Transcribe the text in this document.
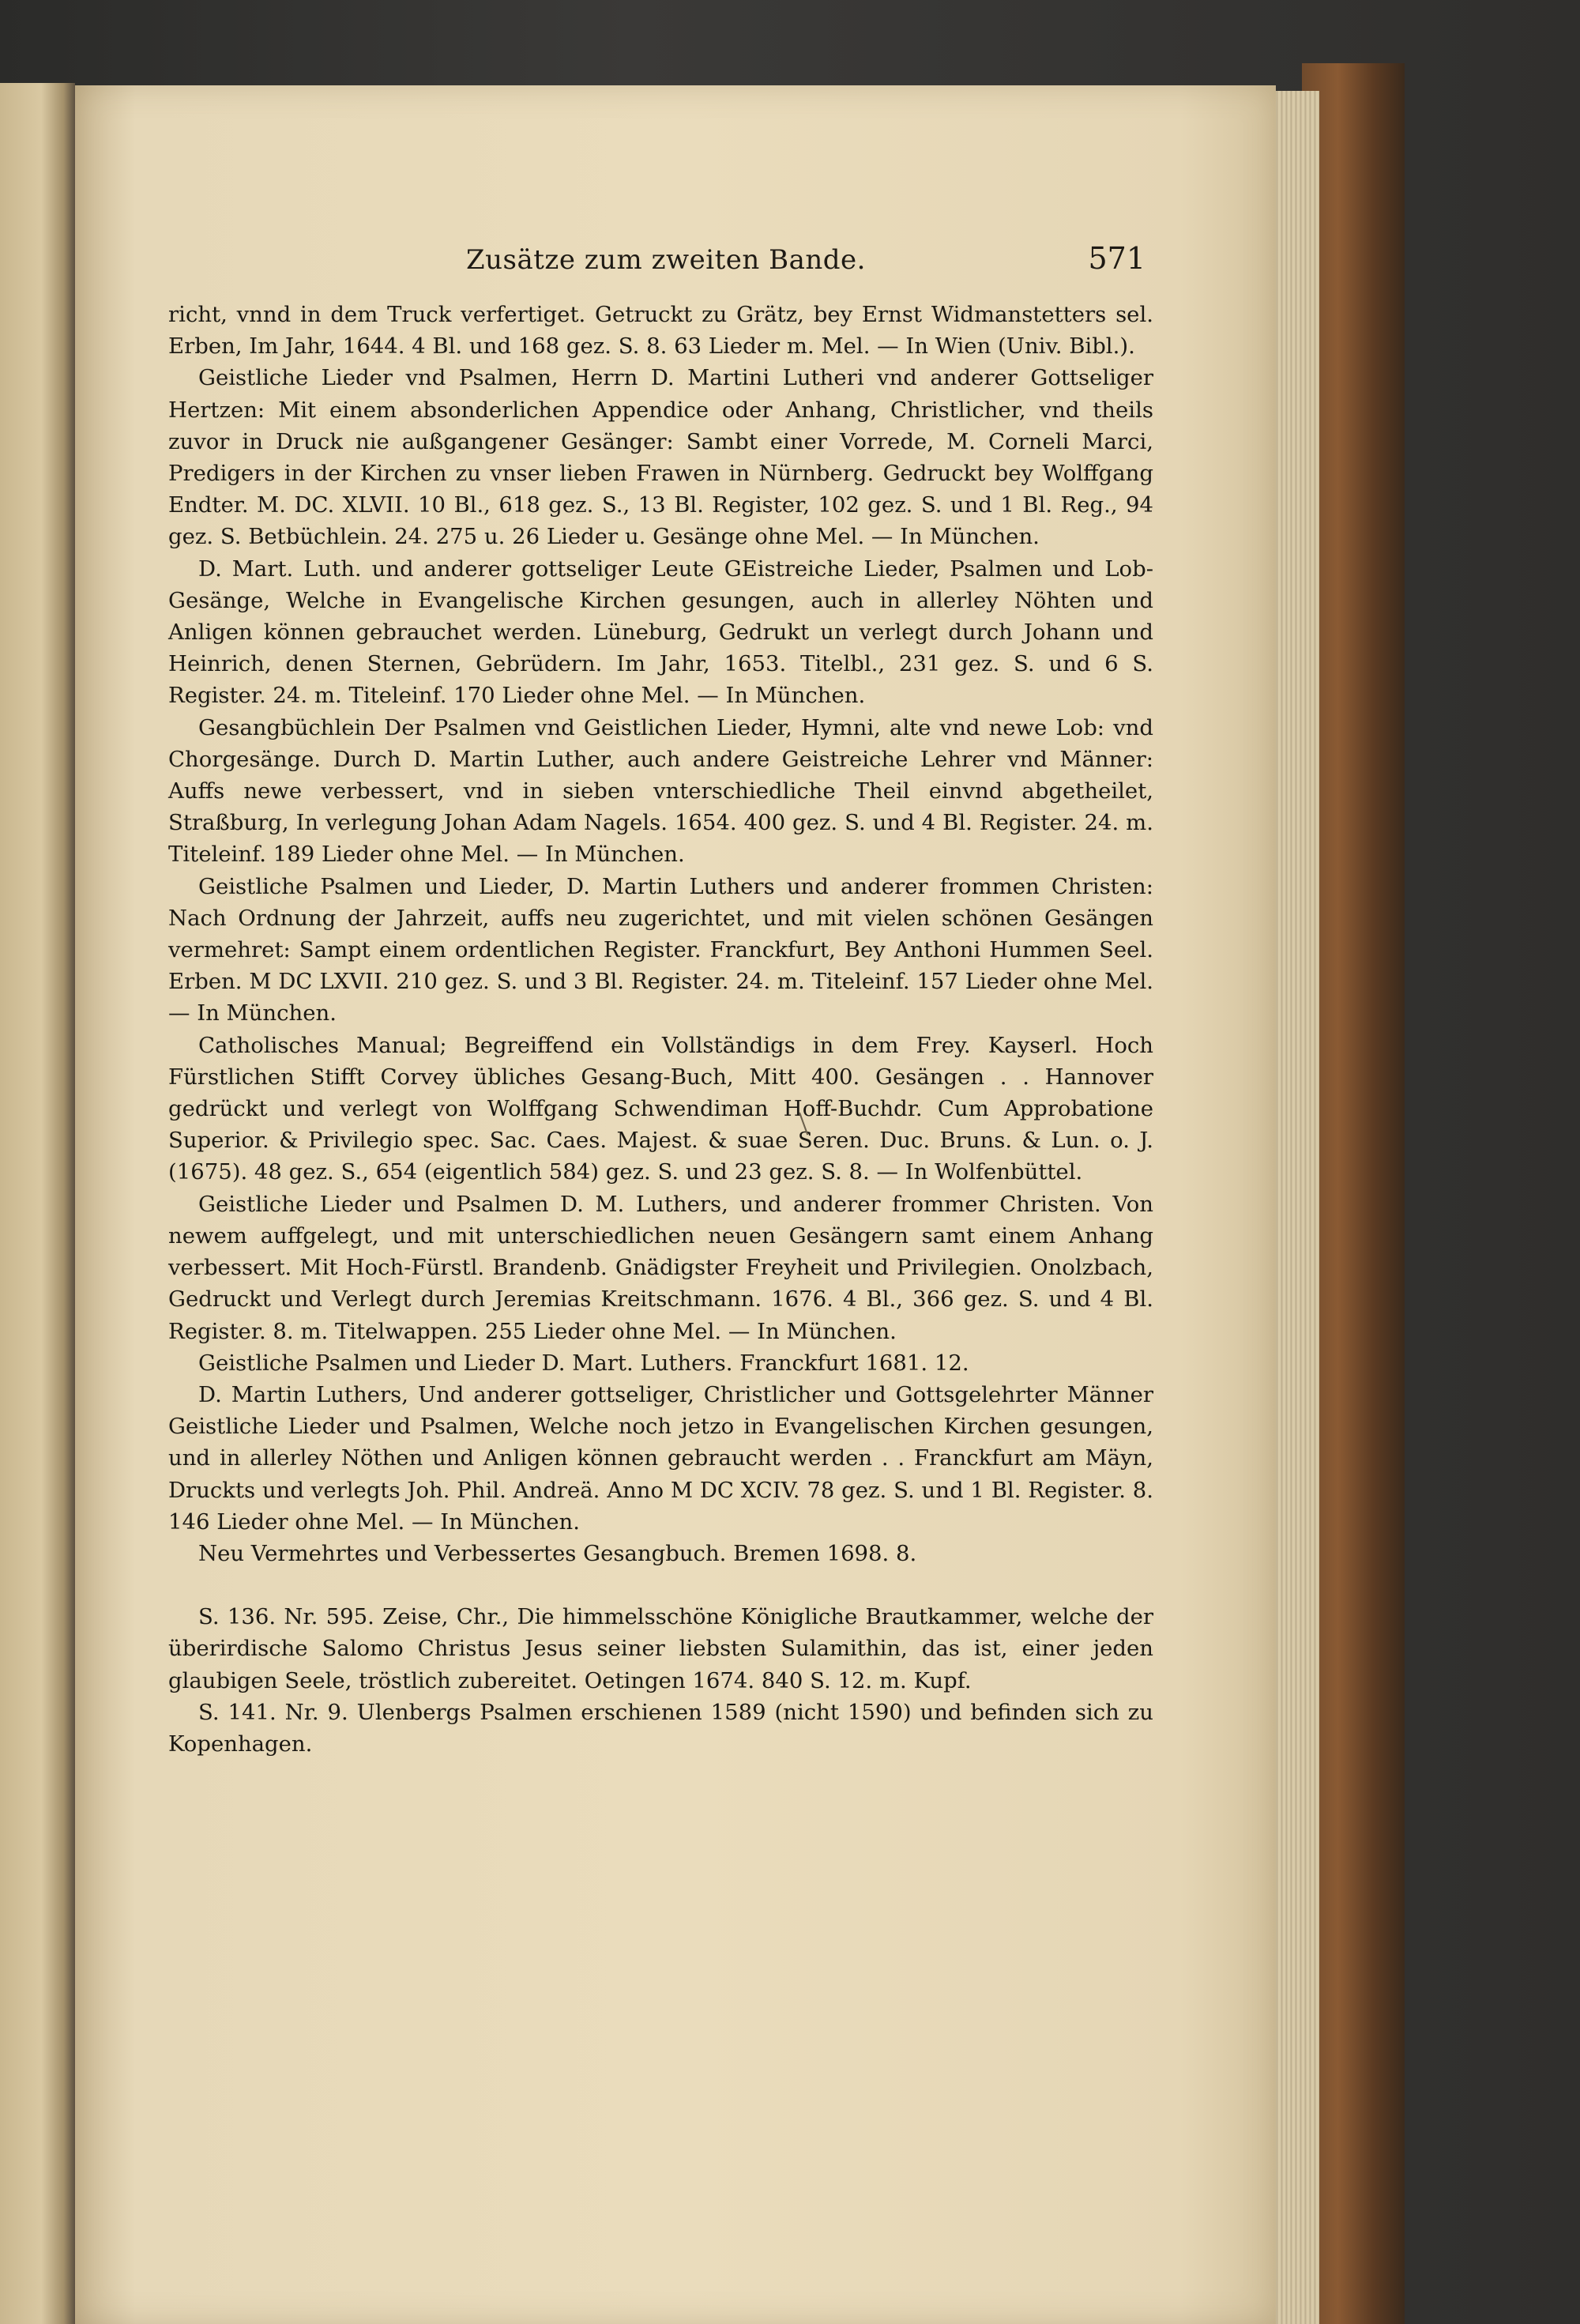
Zusätze zum zweiten Bande.	571

richt, vnnd in dem Truck verfertiget. Getruckt zu Grätz, bey Ernst Widmanstetters sel. Erben, Im Jahr, 1644. 4 Bl. und 168 gez. S. 8. 63 Lieder m. Mel. — In Wien (Univ. Bibl.).

Geistliche Lieder vnd Psalmen, Herrn D. Martini Lutheri vnd anderer Gottseliger Hertzen: Mit einem absonderlichen Appendice oder Anhang, Christlicher, vnd theils zuvor in Druck nie außgangener Gesänger: Sambt einer Vorrede, M. Corneli Marci, Predigers in der Kirchen zu vnser lieben Frawen in Nürnberg. Gedruckt bey Wolffgang Endter. M. DC. XLVII. 10 Bl., 618 gez. S., 13 Bl. Register, 102 gez. S. und 1 Bl. Reg., 94 gez. S. Betbüchlein. 24. 275 u. 26 Lieder u. Gesänge ohne Mel. — In München.

D. Mart. Luth. und anderer gottseliger Leute GEistreiche Lieder, Psalmen und Lob-Gesänge, Welche in Evangelische Kirchen gesungen, auch in allerley Nöhten und Anligen können gebrauchet werden. Lüneburg, Gedrukt un verlegt durch Johann und Heinrich, denen Sternen, Gebrüdern. Im Jahr, 1653. Titelbl., 231 gez. S. und 6 S. Register. 24. m. Titeleinf. 170 Lieder ohne Mel. — In München.

Gesangbüchlein Der Psalmen vnd Geistlichen Lieder, Hymni, alte vnd newe Lob: vnd Chorgesänge. Durch D. Martin Luther, auch andere Geistreiche Lehrer vnd Männer: Auffs newe verbessert, vnd in sieben vnterschiedliche Theil einvnd abgetheilet, Straßburg, In verlegung Johan Adam Nagels. 1654. 400 gez. S. und 4 Bl. Register. 24. m. Titeleinf. 189 Lieder ohne Mel. — In München.

Geistliche Psalmen und Lieder, D. Martin Luthers und anderer frommen Christen: Nach Ordnung der Jahrzeit, auffs neu zugerichtet, und mit vielen schönen Gesängen vermehret: Sampt einem ordentlichen Register. Franckfurt, Bey Anthoni Hummen Seel. Erben. M DC LXVII. 210 gez. S. und 3 Bl. Register. 24. m. Titeleinf. 157 Lieder ohne Mel. — In München.

Catholisches Manual; Begreiffend ein Vollständigs in dem Frey. Kayserl. Hoch Fürstlichen Stifft Corvey übliches Gesang-Buch, Mitt 400. Gesängen . . Hannover gedrückt und verlegt von Wolffgang Schwendiman Hoff-Buchdr. Cum Approbatione Superior. & Privilegio spec. Sac. Caes. Majest. & suae Seren. Duc. Bruns. & Lun. o. J. (1675). 48 gez. S., 654 (eigentlich 584) gez. S. und 23 gez. S. 8. — In Wolfenbüttel.

Geistliche Lieder und Psalmen D. M. Luthers, und anderer frommer Christen. Von newem auffgelegt, und mit unterschiedlichen neuen Gesängern samt einem Anhang verbessert. Mit Hoch-Fürstl. Brandenb. Gnädigster Freyheit und Privilegien. Onolzbach, Gedruckt und Verlegt durch Jeremias Kreitschmann. 1676. 4 Bl., 366 gez. S. und 4 Bl. Register. 8. m. Titelwappen. 255 Lieder ohne Mel. — In München.

Geistliche Psalmen und Lieder D. Mart. Luthers. Franckfurt 1681. 12.

D. Martin Luthers, Und anderer gottseliger, Christlicher und Gottsgelehrter Männer Geistliche Lieder und Psalmen, Welche noch jetzo in Evangelischen Kirchen gesungen, und in allerley Nöthen und Anligen können gebraucht werden . . Franckfurt am Mäyn, Druckts und verlegts Joh. Phil. Andreä. Anno M DC XCIV. 78 gez. S. und 1 Bl. Register. 8. 146 Lieder ohne Mel. — In München.

Neu Vermehrtes und Verbessertes Gesangbuch. Bremen 1698. 8.

S. 136. Nr. 595. Zeise, Chr., Die himmelsschöne Königliche Brautkammer, welche der überirdische Salomo Christus Jesus seiner liebsten Sulamithin, das ist, einer jeden glaubigen Seele, tröstlich zubereitet. Oetingen 1674. 840 S. 12. m. Kupf.

S. 141. Nr. 9. Ulenbergs Psalmen erschienen 1589 (nicht 1590) und befinden sich zu Kopenhagen.
